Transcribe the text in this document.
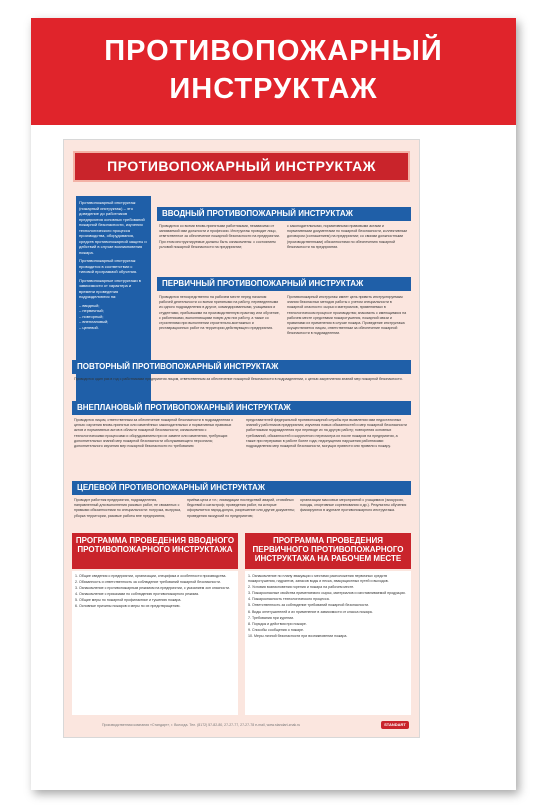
ПРОТИВОПОЖАРНЫЙ
ИНСТРУКТАЖ
ПРОТИВОПОЖАРНЫЙ ИНСТРУКТАЖ
Противопожарный инструктаж (пожарный инструктаж) – это доведение до работников предприятия основных требований пожарной безопасности, изучения технологического процесса производства, оборудования, средств противопожарной защиты и действий в случае возникновения пожара.
Противопожарный инструктаж проводится в соответствии с типовой программой обучения.
Противопожарные инструктажи в зависимости от характера и времени проведения подразделяются на:
– вводный;
– первичный;
– повторный;
– внеплановый;
– целевой.
ВВОДНЫЙ ПРОТИВОПОЖАРНЫЙ ИНСТРУКТАЖ
Проводится со всеми вновь принятыми работниками, независимо от занимаемой ими должности и профессии. Инструктаж проводит лицо, ответственное за обеспечение пожарной безопасности на предприятии. При этом инструктируемые должны быть ознакомлены: с состоянием условий пожарной безопасности на предприятии;
с законодательными, нормативными правовыми актами и нормативными документами по пожарной безопасности, коллективным договором (соглашением) на предприятии; со своими должностными (производственными) обязанностями по обеспечению пожарной безопасности на предприятии.
ПЕРВИЧНЫЙ ПРОТИВОПОЖАРНЫЙ ИНСТРУКТАЖ
Проводится непосредственно на рабочем месте перед началом рабочей деятельности со всеми принятыми на работу, переведенными из одного подразделения в другое, командированными, учащимися и студентами, прибывшими на производственную практику или обучение, с работниками, выполняющими новую для них работу, а также со строителями при выполнении строительно-монтажных и реставрационных работ на территории действующего предприятия.
Противопожарный инструктаж имеет цель привить инструктируемым знания безопасных методов работы с учетом специальности в пожарной опасности: сырья и материалов, применяемых в технологическом процессе производства; знакомить с имеющимися на рабочем месте средствами пожаротушения, пожарной связи и правилами их применения в случае пожара. Проведение инструктажа осуществляется лицом, ответственным за обеспечение пожарной безопасности в подразделении.
ПОВТОРНЫЙ ПРОТИВОПОЖАРНЫЙ ИНСТРУКТАЖ
Проводится один раз в год с работниками предприятия лицом, ответственным за обеспечение пожарной безопасности в подразделении, с целью закрепления знаний мер пожарной безопасности.
ВНЕПЛАНОВЫЙ ПРОТИВОПОЖАРНЫЙ ИНСТРУКТАЖ
Проводится лицом, ответственным за обеспечение пожарной безопасности в подразделении с целью: изучения вновь принятых или изменённых законодательных и нормативных правовых актов и нормативных актов в области пожарной безопасности; ознакомления с технологическими процессами и оборудованием при их замене или изменении, требующих дополнительных знаний мер пожарной безопасности обслуживающего персонала; дополнительного изучения мер пожарной безопасности по требованию
представителей федеральной противопожарной службы при выявлении ими недостаточных знаний у работников предприятия; изучения новых обязанностей и мер пожарной безопасности работниками подразделения при переводе их на другую работу; повторения основных требований, обязанностей и корректного пересмотра их после пожаров на предприятии, а также при перерывах в работе более года; недопущения нарушения работниками подразделения мер пожарной безопасности, могущих привести или привели к пожару.
ЦЕЛЕВОЙ ПРОТИВОПОЖАРНЫЙ ИНСТРУКТАЖ
Проводит работник предприятия, подразделения, направленный для выполнения разовых работ, не связанных с прямыми обязанностями по специальности: погрузка, выгрузка, уборка территории, разовые работы вне предприятия,
приёма цеха и т.п.; ликвидации последствий аварий, стихийных бедствий и катастроф; проведения работ, на которые оформляется наряд-допуск, разрешение или другие документы; проведения экскурсий по предприятию;
организации массовых мероприятий с учащимися (экскурсии, походы, спортивные соревнования и др.). Результаты обучения фиксируются в журнале противопожарного инструктажа.
ПРОГРАММА ПРОВЕДЕНИЯ ВВОДНОГО ПРОТИВОПОЖАРНОГО ИНСТРУКТАЖА
ПРОГРАММА ПРОВЕДЕНИЯ ПЕРВИЧНОГО ПРОТИВОПОЖАРНОГО ИНСТРУКТАЖА НА РАБОЧЕМ МЕСТЕ
1. Общие сведения о предприятии, организации, специфика и особенности производства.
2. Обязанность и ответственность за соблюдение требований пожарной безопасности.
3. Ознакомление с противопожарным режимом на предприятии, с указанием зон опасности.
4. Ознакомление с приказами по соблюдению противопожарного режима.
5. Общие меры по пожарной профилактике и тушению пожара.
6. Основные причины пожаров и меры по их предотвращению.
1. Ознакомление по плану эвакуации с местами расположения первичных средств пожаротушения, гидрантов, запасов воды и песка, эвакуационных путей и выходов.
2. Условия возникновения горения и пожара на рабочем месте.
3. Пожароопасные свойства применяемого сырья, материалов и изготавливаемой продукции.
4. Пожароопасность технологического процесса.
5. Ответственность за соблюдение требований пожарной безопасности.
6. Виды огнетушителей и их применение в зависимости от класса пожара.
7. Требования при курении.
8. Порядок и действия при пожаре.
9. Способы сообщения о пожаре.
10. Меры личной безопасности при возникновении пожара.
Производственная компания «Стандарт», г. Вологда. Тел. (8172) 57-82-80, 27-27-77, 27-27-78 e-mail, www.standart-znak.ru	STANDART
